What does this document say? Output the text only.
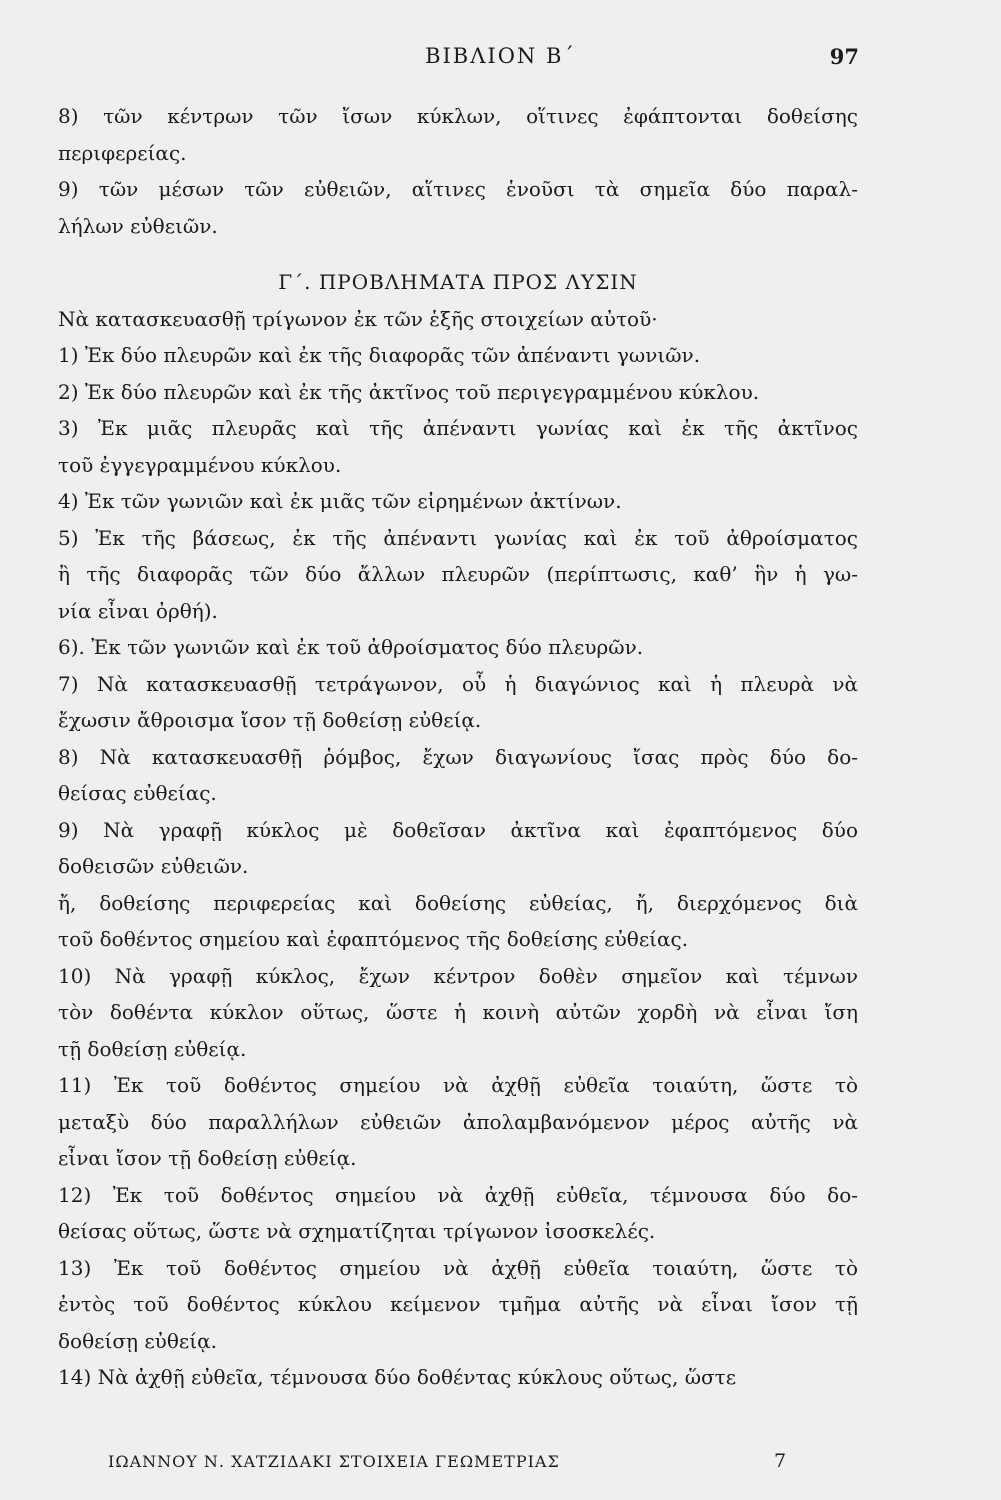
ΒΙΒΛΙΟΝ Β΄	97
8) τῶν κέντρων τῶν ἴσων κύκλων, οἵτινες ἐφάπτονται δοθείσης
περιφερείας.
9) τῶν μέσων τῶν εὐθειῶν, αἵτινες ἑνοῦσι τὰ σημεῖα δύο παραλ-
λήλων εὐθειῶν.
Γ΄. ΠΡΟΒΛΗΜΑΤΑ ΠΡΟΣ ΛΥΣΙΝ
Νὰ κατασκευασθῇ τρίγωνον ἐκ τῶν ἑξῆς στοιχείων αὐτοῦ·
1) Ἐκ δύο πλευρῶν καὶ ἐκ τῆς διαφορᾶς τῶν ἀπέναντι γωνιῶν.
2) Ἐκ δύο πλευρῶν καὶ ἐκ τῆς ἀκτῖνος τοῦ περιγεγραμμένου κύκλου.
3) Ἐκ μιᾶς πλευρᾶς καὶ τῆς ἀπέναντι γωνίας καὶ ἐκ τῆς ἀκτῖνος
τοῦ ἐγγεγραμμένου κύκλου.
4) Ἐκ τῶν γωνιῶν καὶ ἐκ μιᾶς τῶν εἰρημένων ἀκτίνων.
5) Ἐκ τῆς βάσεως, ἐκ τῆς ἀπέναντι γωνίας καὶ ἐκ τοῦ ἀθροίσματος
ἢ τῆς διαφορᾶς τῶν δύο ἄλλων πλευρῶν (περίπτωσις, καθ’ ἣν ἡ γω-
νία εἶναι ὀρθή).
6). Ἐκ τῶν γωνιῶν καὶ ἐκ τοῦ ἀθροίσματος δύο πλευρῶν.
7) Νὰ κατασκευασθῇ τετράγωνον, οὗ ἡ διαγώνιος καὶ ἡ πλευρὰ νὰ
ἔχωσιν ἄθροισμα ἴσον τῇ δοθείσῃ εὐθείᾳ.
8) Νὰ κατασκευασθῇ ῥόμβος, ἔχων διαγωνίους ἴσας πρὸς δύο δο-
θείσας εὐθείας.
9) Νὰ γραφῇ κύκλος μὲ δοθεῖσαν ἀκτῖνα καὶ ἐφαπτόμενος δύο
δοθεισῶν εὐθειῶν.
ἤ, δοθείσης περιφερείας καὶ δοθείσης εὐθείας, ἤ, διερχόμενος διὰ
τοῦ δοθέντος σημείου καὶ ἐφαπτόμενος τῆς δοθείσης εὐθείας.
10) Νὰ γραφῇ κύκλος, ἔχων κέντρον δοθὲν σημεῖον καὶ τέμνων
τὸν δοθέντα κύκλον οὕτως, ὥστε ἡ κοινὴ αὐτῶν χορδὴ νὰ εἶναι ἴση
τῇ δοθείσῃ εὐθείᾳ.
11) Ἐκ τοῦ δοθέντος σημείου νὰ ἀχθῇ εὐθεῖα τοιαύτη, ὥστε τὸ
μεταξὺ δύο παραλλήλων εὐθειῶν ἀπολαμβανόμενον μέρος αὐτῆς νὰ
εἶναι ἴσον τῇ δοθείσῃ εὐθείᾳ.
12) Ἐκ τοῦ δοθέντος σημείου νὰ ἀχθῇ εὐθεῖα, τέμνουσα δύο δο-
θείσας οὕτως, ὥστε νὰ σχηματίζηται τρίγωνον ἰσοσκελές.
13) Ἐκ τοῦ δοθέντος σημείου νὰ ἀχθῇ εὐθεῖα τοιαύτη, ὥστε τὸ
ἐντὸς τοῦ δοθέντος κύκλου κείμενον τμῆμα αὐτῆς νὰ εἶναι ἴσον τῇ
δοθείσῃ εὐθείᾳ.
14) Νὰ ἀχθῇ εὐθεῖα, τέμνουσα δύο δοθέντας κύκλους οὕτως, ὥστε
ΙΩΑΝΝΟΥ Ν. ΧΑΤΖΙΔΑΚΙ ΣΤΟΙΧΕΙΑ ΓΕΩΜΕΤΡΙΑΣ	7
